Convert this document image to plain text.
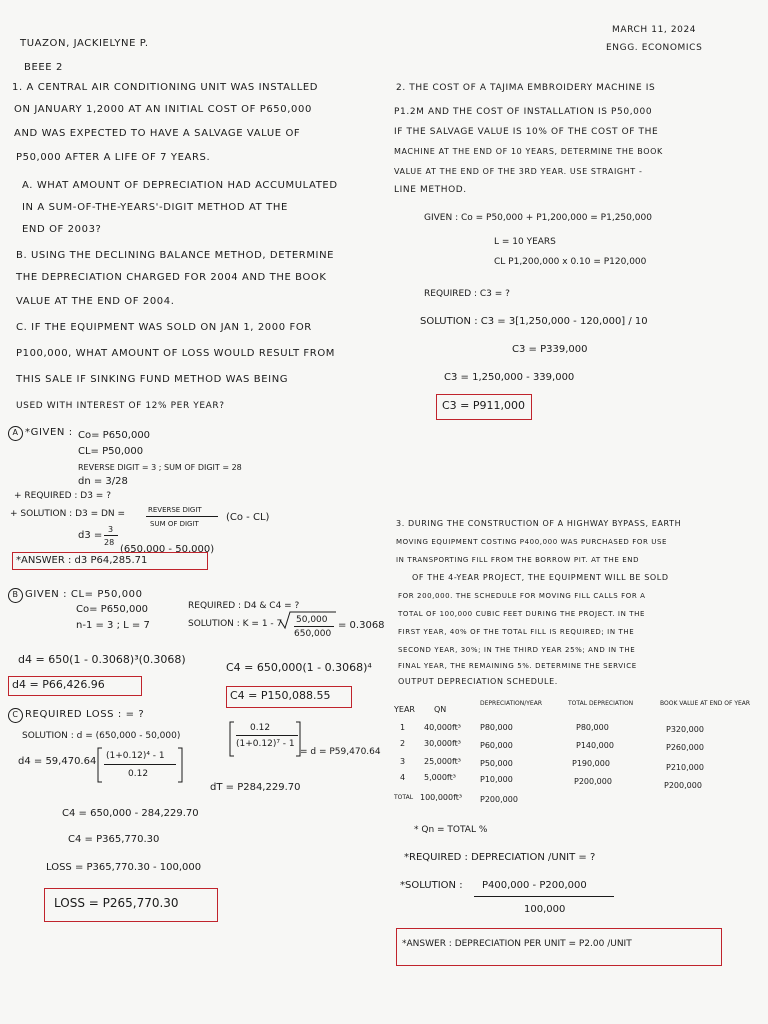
TUAZON, JACKIELYNE P.
BEEE 2
MARCH 11, 2024
ENGG. ECONOMICS
1. A CENTRAL AIR CONDITIONING UNIT WAS INSTALLED
ON JANUARY 1,2000 AT AN INITIAL COST OF P650,000
AND WAS EXPECTED TO HAVE A SALVAGE VALUE OF
P50,000 AFTER A LIFE OF 7 YEARS.
A. WHAT AMOUNT OF DEPRECIATION HAD ACCUMULATED
IN A SUM-OF-THE-YEARS'-DIGIT METHOD AT THE
END OF 2003?
B. USING THE DECLINING BALANCE METHOD, DETERMINE
THE DEPRECIATION CHARGED FOR 2004 AND THE BOOK
VALUE AT THE END OF 2004.
C. IF THE EQUIPMENT WAS SOLD ON JAN 1, 2000 FOR
P100,000, WHAT AMOUNT OF LOSS WOULD RESULT FROM
THIS SALE IF SINKING FUND METHOD WAS BEING
USED WITH INTEREST OF 12% PER YEAR?
A *GIVEN : Co= P650,000
CL= P50,000
REVERSE DIGIT = 3 ; SUM OF DIGIT = 28
dn = 3/28
+ REQUIRED : D3 = ?
+ SOLUTION : D3 = DN =	REVERSE DIGIT
SUM OF DIGIT
(Co - CL)
d3 =
3
28
(650,000 - 50,000)
*ANSWER : d3 P64,285.71
B GIVEN : CL= P50,000
Co= P650,000
n-1 = 3 ; L = 7
REQUIRED : D4 & C4 = ?
SOLUTION : K = 1 - 7 50,000
650,000
= 0.3068
d4 = 650(1 - 0.3068)³(0.3068)
d4 = P66,426.96
C4 = 650,000(1 - 0.3068)⁴
C4 = P150,088.55
C REQUIRED LOSS : = ?
SOLUTION : d = (650,000 - 50,000)
0.12
(1+0.12)⁷ - 1
= d = P59,470.64
d4 = 59,470.64 (1+0.12)⁴ - 1
0.12
dT = P284,229.70
C4 = 650,000 - 284,229.70
C4 = P365,770.30
LOSS = P365,770.30 - 100,000
LOSS = P265,770.30
2. THE COST OF A TAJIMA EMBROIDERY MACHINE IS
P1.2M AND THE COST OF INSTALLATION IS P50,000
IF THE SALVAGE VALUE IS 10% OF THE COST OF THE
MACHINE AT THE END OF 10 YEARS, DETERMINE THE BOOK
VALUE AT THE END OF THE 3RD YEAR. USE STRAIGHT -
LINE METHOD.
GIVEN : Co = P50,000 + P1,200,000 = P1,250,000
L = 10 YEARS
CL P1,200,000 x 0.10 = P120,000
REQUIRED : C3 = ?
SOLUTION : C3 = 3[1,250,000 - 120,000] / 10
C3 = P339,000
C3 = 1,250,000 - 339,000
C3 = P911,000
3. DURING THE CONSTRUCTION OF A HIGHWAY BYPASS, EARTH
MOVING EQUIPMENT COSTING P400,000 WAS PURCHASED FOR USE
IN TRANSPORTING FILL FROM THE BORROW PIT. AT THE END
OF THE 4-YEAR PROJECT, THE EQUIPMENT WILL BE SOLD
FOR 200,000. THE SCHEDULE FOR MOVING FILL CALLS FOR A
TOTAL OF 100,000 CUBIC FEET DURING THE PROJECT. IN THE
FIRST YEAR, 40% OF THE TOTAL FILL IS REQUIRED; IN THE
SECOND YEAR, 30%; IN THE THIRD YEAR 25%; AND IN THE
FINAL YEAR, THE REMAINING 5%. DETERMINE THE SERVICE
OUTPUT DEPRECIATION SCHEDULE.
YEAR QN
DEPRECIATION/YEAR	TOTAL DEPRECIATION	BOOK VALUE AT END OF YEAR
1 40,000ft³ P80,000	P80,000	P320,000
2 30,000ft³ P60,000	P140,000	P260,000
3 25,000ft³ P50,000	P190,000	P210,000
4 5,000ft³	P10,000	P200,000	P200,000
TOTAL 100,000ft³ P200,000
* Qn = TOTAL %
*REQUIRED : DEPRECIATION /UNIT = ?
*SOLUTION : P400,000 - P200,000
100,000
*ANSWER : DEPRECIATION PER UNIT = P2.00 /UNIT
